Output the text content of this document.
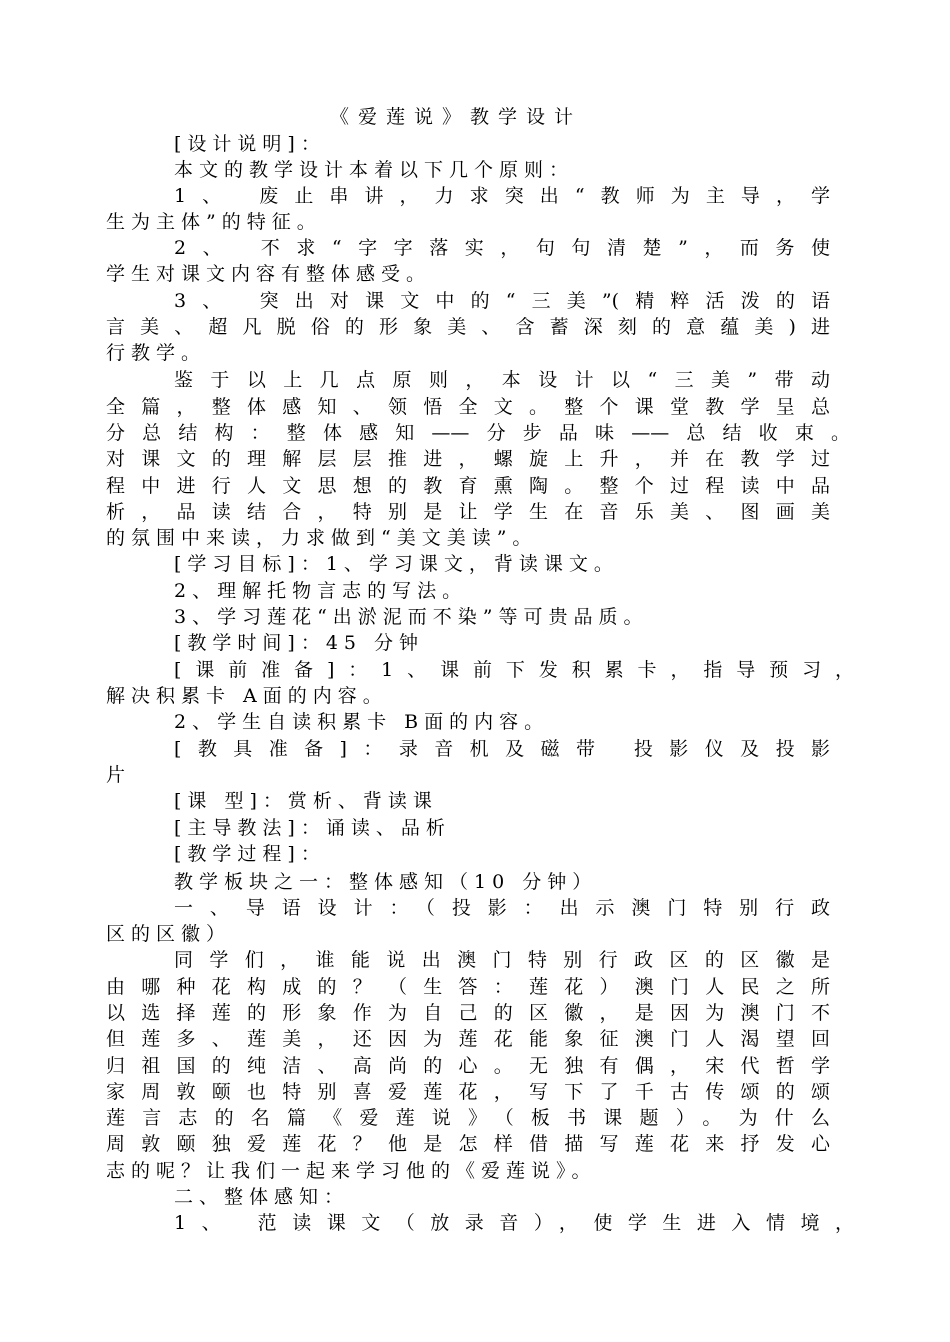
《爱莲说》教学设计
[设计说明]：
本文的教学设计本着以下几个原则：
1、 废止串讲，力求突出“教师为主导，学
生为主体”的特征。
2、 不求“字字落实，句句清楚”，而务使
学生对课文内容有整体感受。
3、 突出对课文中的“三美”(精粹活泼的语
言美、超凡脱俗的形象美、含蓄深刻的意蕴美)进
行教学。
鉴于以上几点原则，本设计以“三美”带动
全篇，整体感知、领悟全文。整个课堂教学呈总
分总结构：整体感知——分步品味——总结收束。
对课文的理解层层推进，螺旋上升，并在教学过
程中进行人文思想的教育熏陶。整个过程读中品
析，品读结合，特别是让学生在音乐美、图画美
的氛围中来读，力求做到“美文美读”。
[学习目标]：1、学习课文，背读课文。
2、理解托物言志的写法。
3、学习莲花“出淤泥而不染”等可贵品质。
[教学时间]：45 分钟
[课前准备]：1、课前下发积累卡，指导预习，
解决积累卡 A面的内容。
2、学生自读积累卡 B面的内容。
[教具准备]：录音机及磁带 投影仪及投影
片
[课 型]：赏析、背读课
[主导教法]：诵读、品析
[教学过程]：
教学板块之一：整体感知（10 分钟）
一、导语设计：（投影：出示澳门特别行政
区的区徽）
同学们，谁能说出澳门特别行政区的区徽是
由哪种花构成的？（生答：莲花）澳门人民之所
以选择莲的形象作为自己的区徽，是因为澳门不
但莲多、莲美，还因为莲花能象征澳门人渴望回
归祖国的纯洁、高尚的心。无独有偶，宋代哲学
家周敦颐也特别喜爱莲花，写下了千古传颂的颂
莲言志的名篇《爱莲说》（板书课题）。为什么
周敦颐独爱莲花？他是怎样借描写莲花来抒发心
志的呢？让我们一起来学习他的《爱莲说》。
二、整体感知：
1、 范读课文（放录音），使学生进入情境，
